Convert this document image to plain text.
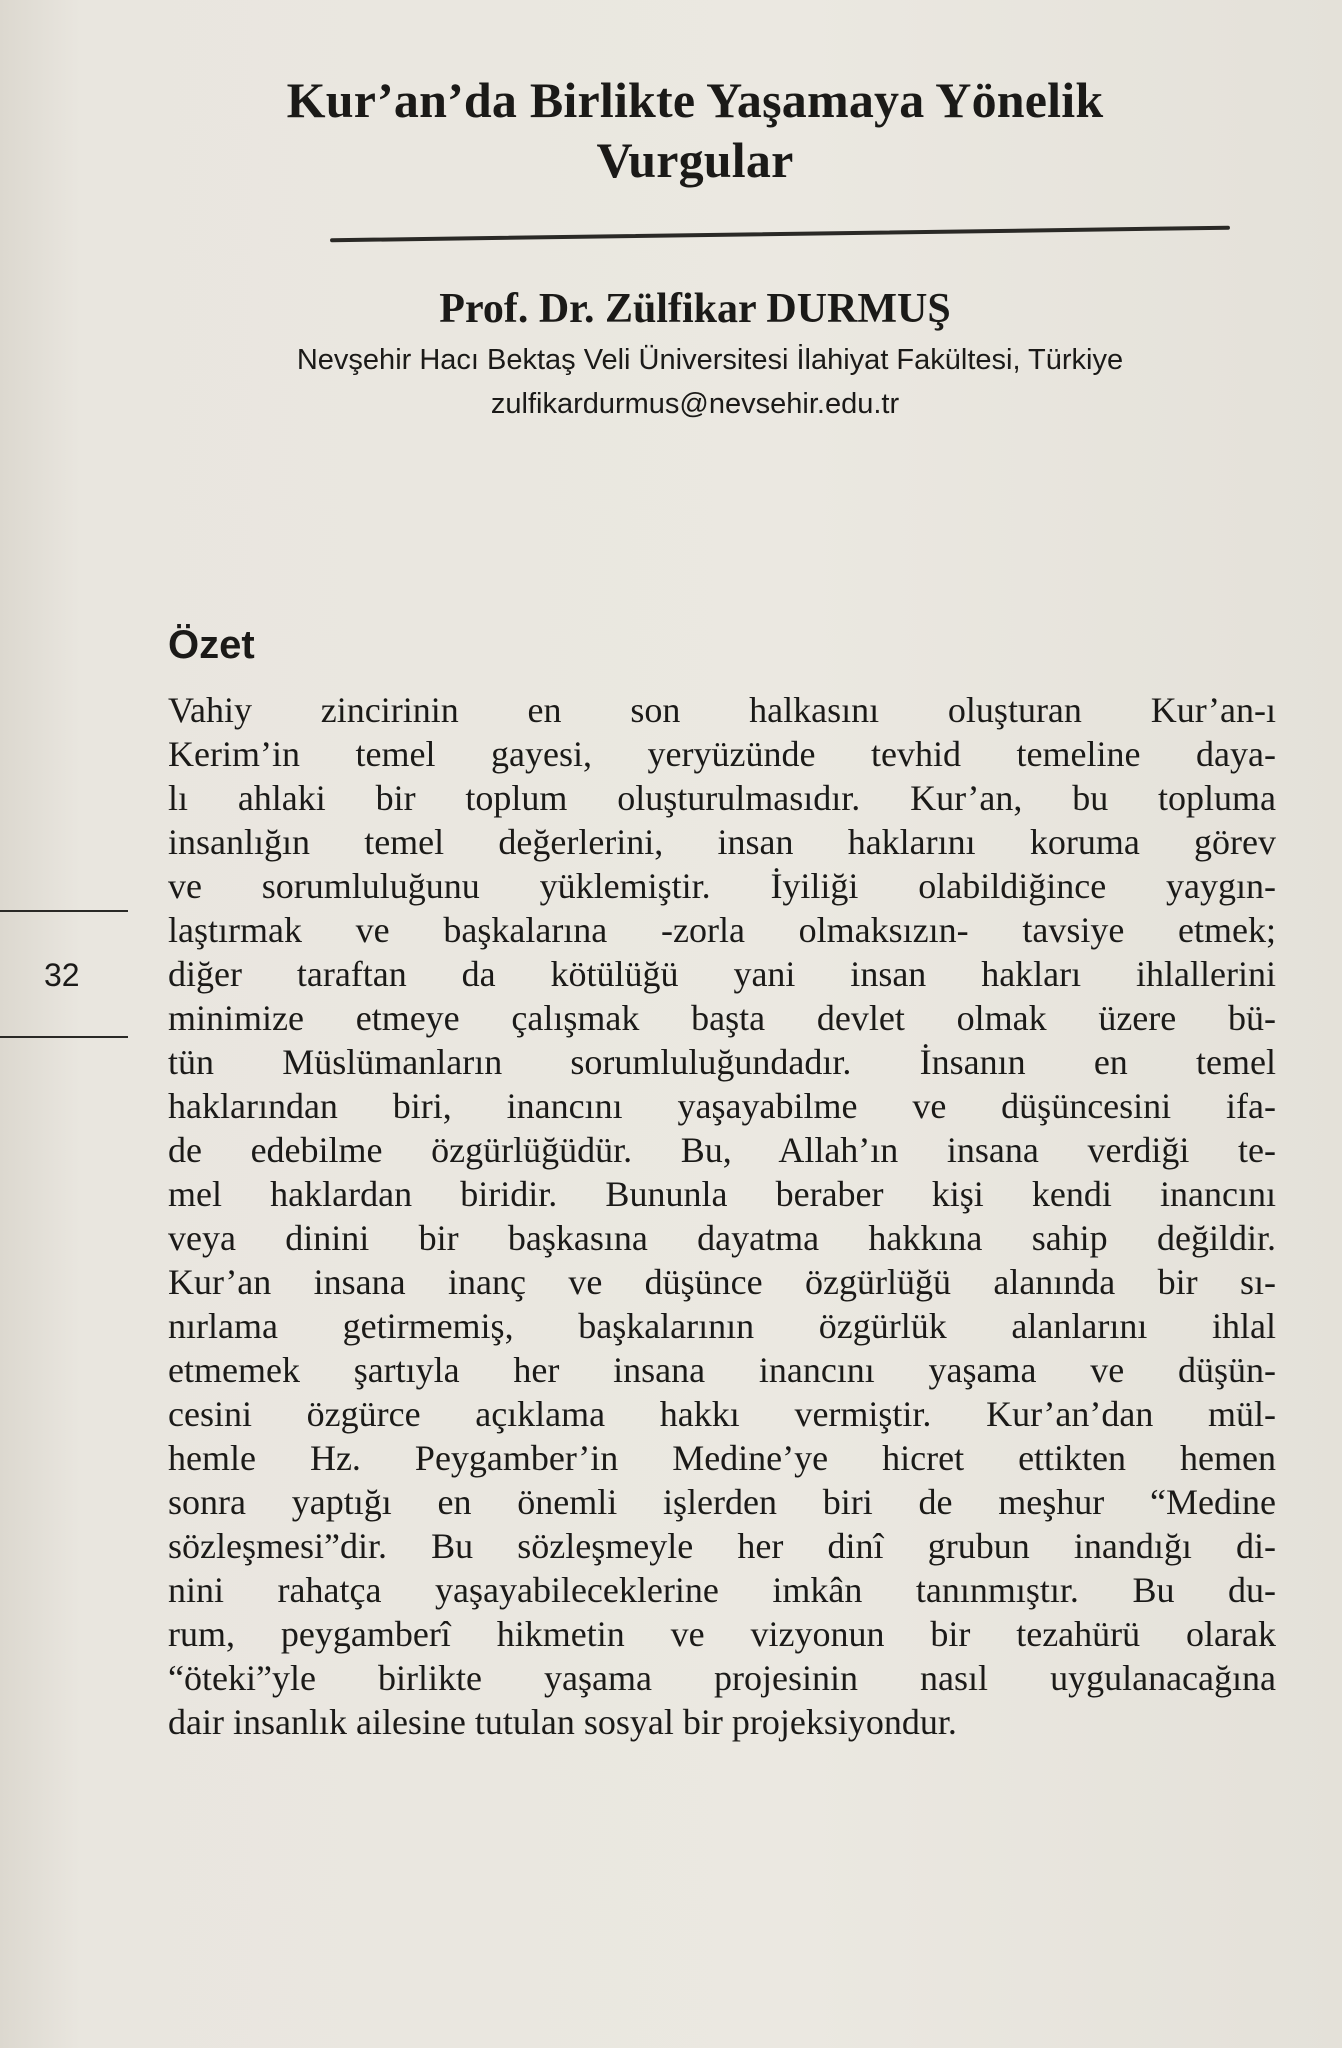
Kur’an’da Birlikte Yaşamaya Yönelik
Vurgular
Prof. Dr. Zülfikar DURMUŞ
Nevşehir Hacı Bektaş Veli Üniversitesi İlahiyat Fakültesi, Türkiye
zulfikardurmus@nevsehir.edu.tr
Özet
32
Vahiy zincirinin en son halkasını oluşturan Kur’an-ı
Kerim’in temel gayesi, yeryüzünde tevhid temeline daya-
lı ahlaki bir toplum oluşturulmasıdır. Kur’an, bu topluma
insanlığın temel değerlerini, insan haklarını koruma görev
ve sorumluluğunu yüklemiştir. İyiliği olabildiğince yaygın-
laştırmak ve başkalarına -zorla olmaksızın- tavsiye etmek;
diğer taraftan da kötülüğü yani insan hakları ihlallerini
minimize etmeye çalışmak başta devlet olmak üzere bü-
tün Müslümanların sorumluluğundadır. İnsanın en temel
haklarından biri, inancını yaşayabilme ve düşüncesini ifa-
de edebilme özgürlüğüdür. Bu, Allah’ın insana verdiği te-
mel haklardan biridir. Bununla beraber kişi kendi inancını
veya dinini bir başkasına dayatma hakkına sahip değildir.
Kur’an insana inanç ve düşünce özgürlüğü alanında bir sı-
nırlama getirmemiş, başkalarının özgürlük alanlarını ihlal
etmemek şartıyla her insana inancını yaşama ve düşün-
cesini özgürce açıklama hakkı vermiştir. Kur’an’dan mül-
hemle Hz. Peygamber’in Medine’ye hicret ettikten hemen
sonra yaptığı en önemli işlerden biri de meşhur “Medine
sözleşmesi”dir. Bu sözleşmeyle her dinî grubun inandığı di-
nini rahatça yaşayabileceklerine imkân tanınmıştır. Bu du-
rum, peygamberî hikmetin ve vizyonun bir tezahürü olarak
“öteki”yle birlikte yaşama projesinin nasıl uygulanacağına
dair insanlık ailesine tutulan sosyal bir projeksiyondur.
